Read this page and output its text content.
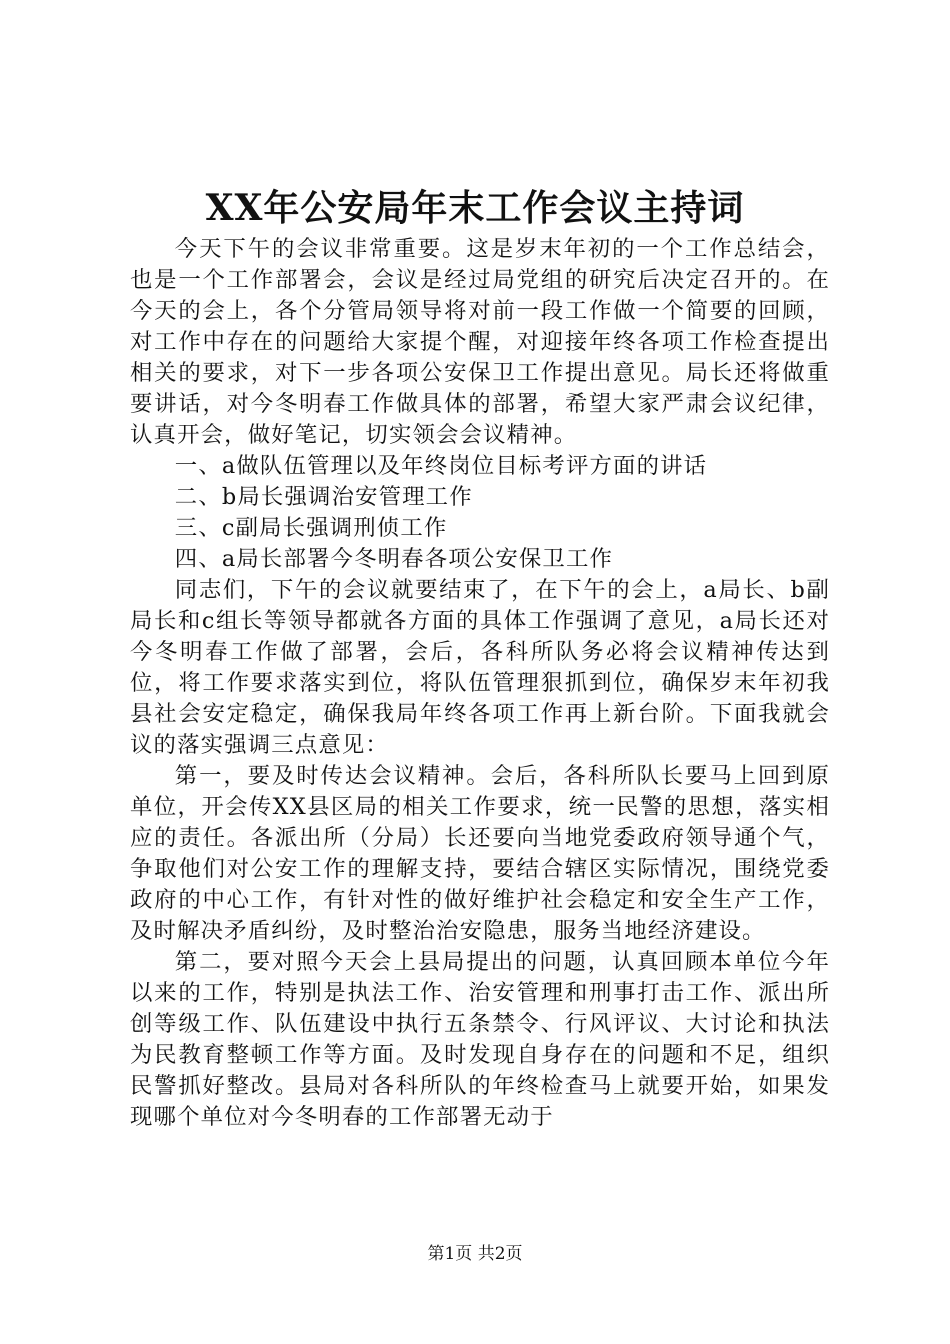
XX年公安局年末工作会议主持词

今天下午的会议非常重要。这是岁末年初的一个工作总结会，也是一个工作部署会，会议是经过局党组的研究后决定召开的。在今天的会上，各个分管局领导将对前一段工作做一个简要的回顾，对工作中存在的问题给大家提个醒，对迎接年终各项工作检查提出相关的要求，对下一步各项公安保卫工作提出意见。局长还将做重要讲话，对今冬明春工作做具体的部署，希望大家严肃会议纪律，认真开会，做好笔记，切实领会会议精神。

一、a做队伍管理以及年终岗位目标考评方面的讲话

二、b局长强调治安管理工作

三、c副局长强调刑侦工作

四、a局长部署今冬明春各项公安保卫工作

同志们，下午的会议就要结束了，在下午的会上，a局长、b副局长和c组长等领导都就各方面的具体工作强调了意见，a局长还对今冬明春工作做了部署，会后，各科所队务必将会议精神传达到位，将工作要求落实到位，将队伍管理狠抓到位，确保岁末年初我县社会安定稳定，确保我局年终各项工作再上新台阶。下面我就会议的落实强调三点意见：

第一，要及时传达会议精神。会后，各科所队长要马上回到原单位，开会传XX县区局的相关工作要求，统一民警的思想，落实相应的责任。各派出所（分局）长还要向当地党委政府领导通个气，争取他们对公安工作的理解支持，要结合辖区实际情况，围绕党委政府的中心工作，有针对性的做好维护社会稳定和安全生产工作，及时解决矛盾纠纷，及时整治治安隐患，服务当地经济建设。

第二，要对照今天会上县局提出的问题，认真回顾本单位今年以来的工作，特别是执法工作、治安管理和刑事打击工作、派出所创等级工作、队伍建设中执行五条禁令、行风评议、大讨论和执法为民教育整顿工作等方面。及时发现自身存在的问题和不足，组织民警抓好整改。县局对各科所队的年终检查马上就要开始，如果发现哪个单位对今冬明春的工作部署无动于

第1页 共2页
